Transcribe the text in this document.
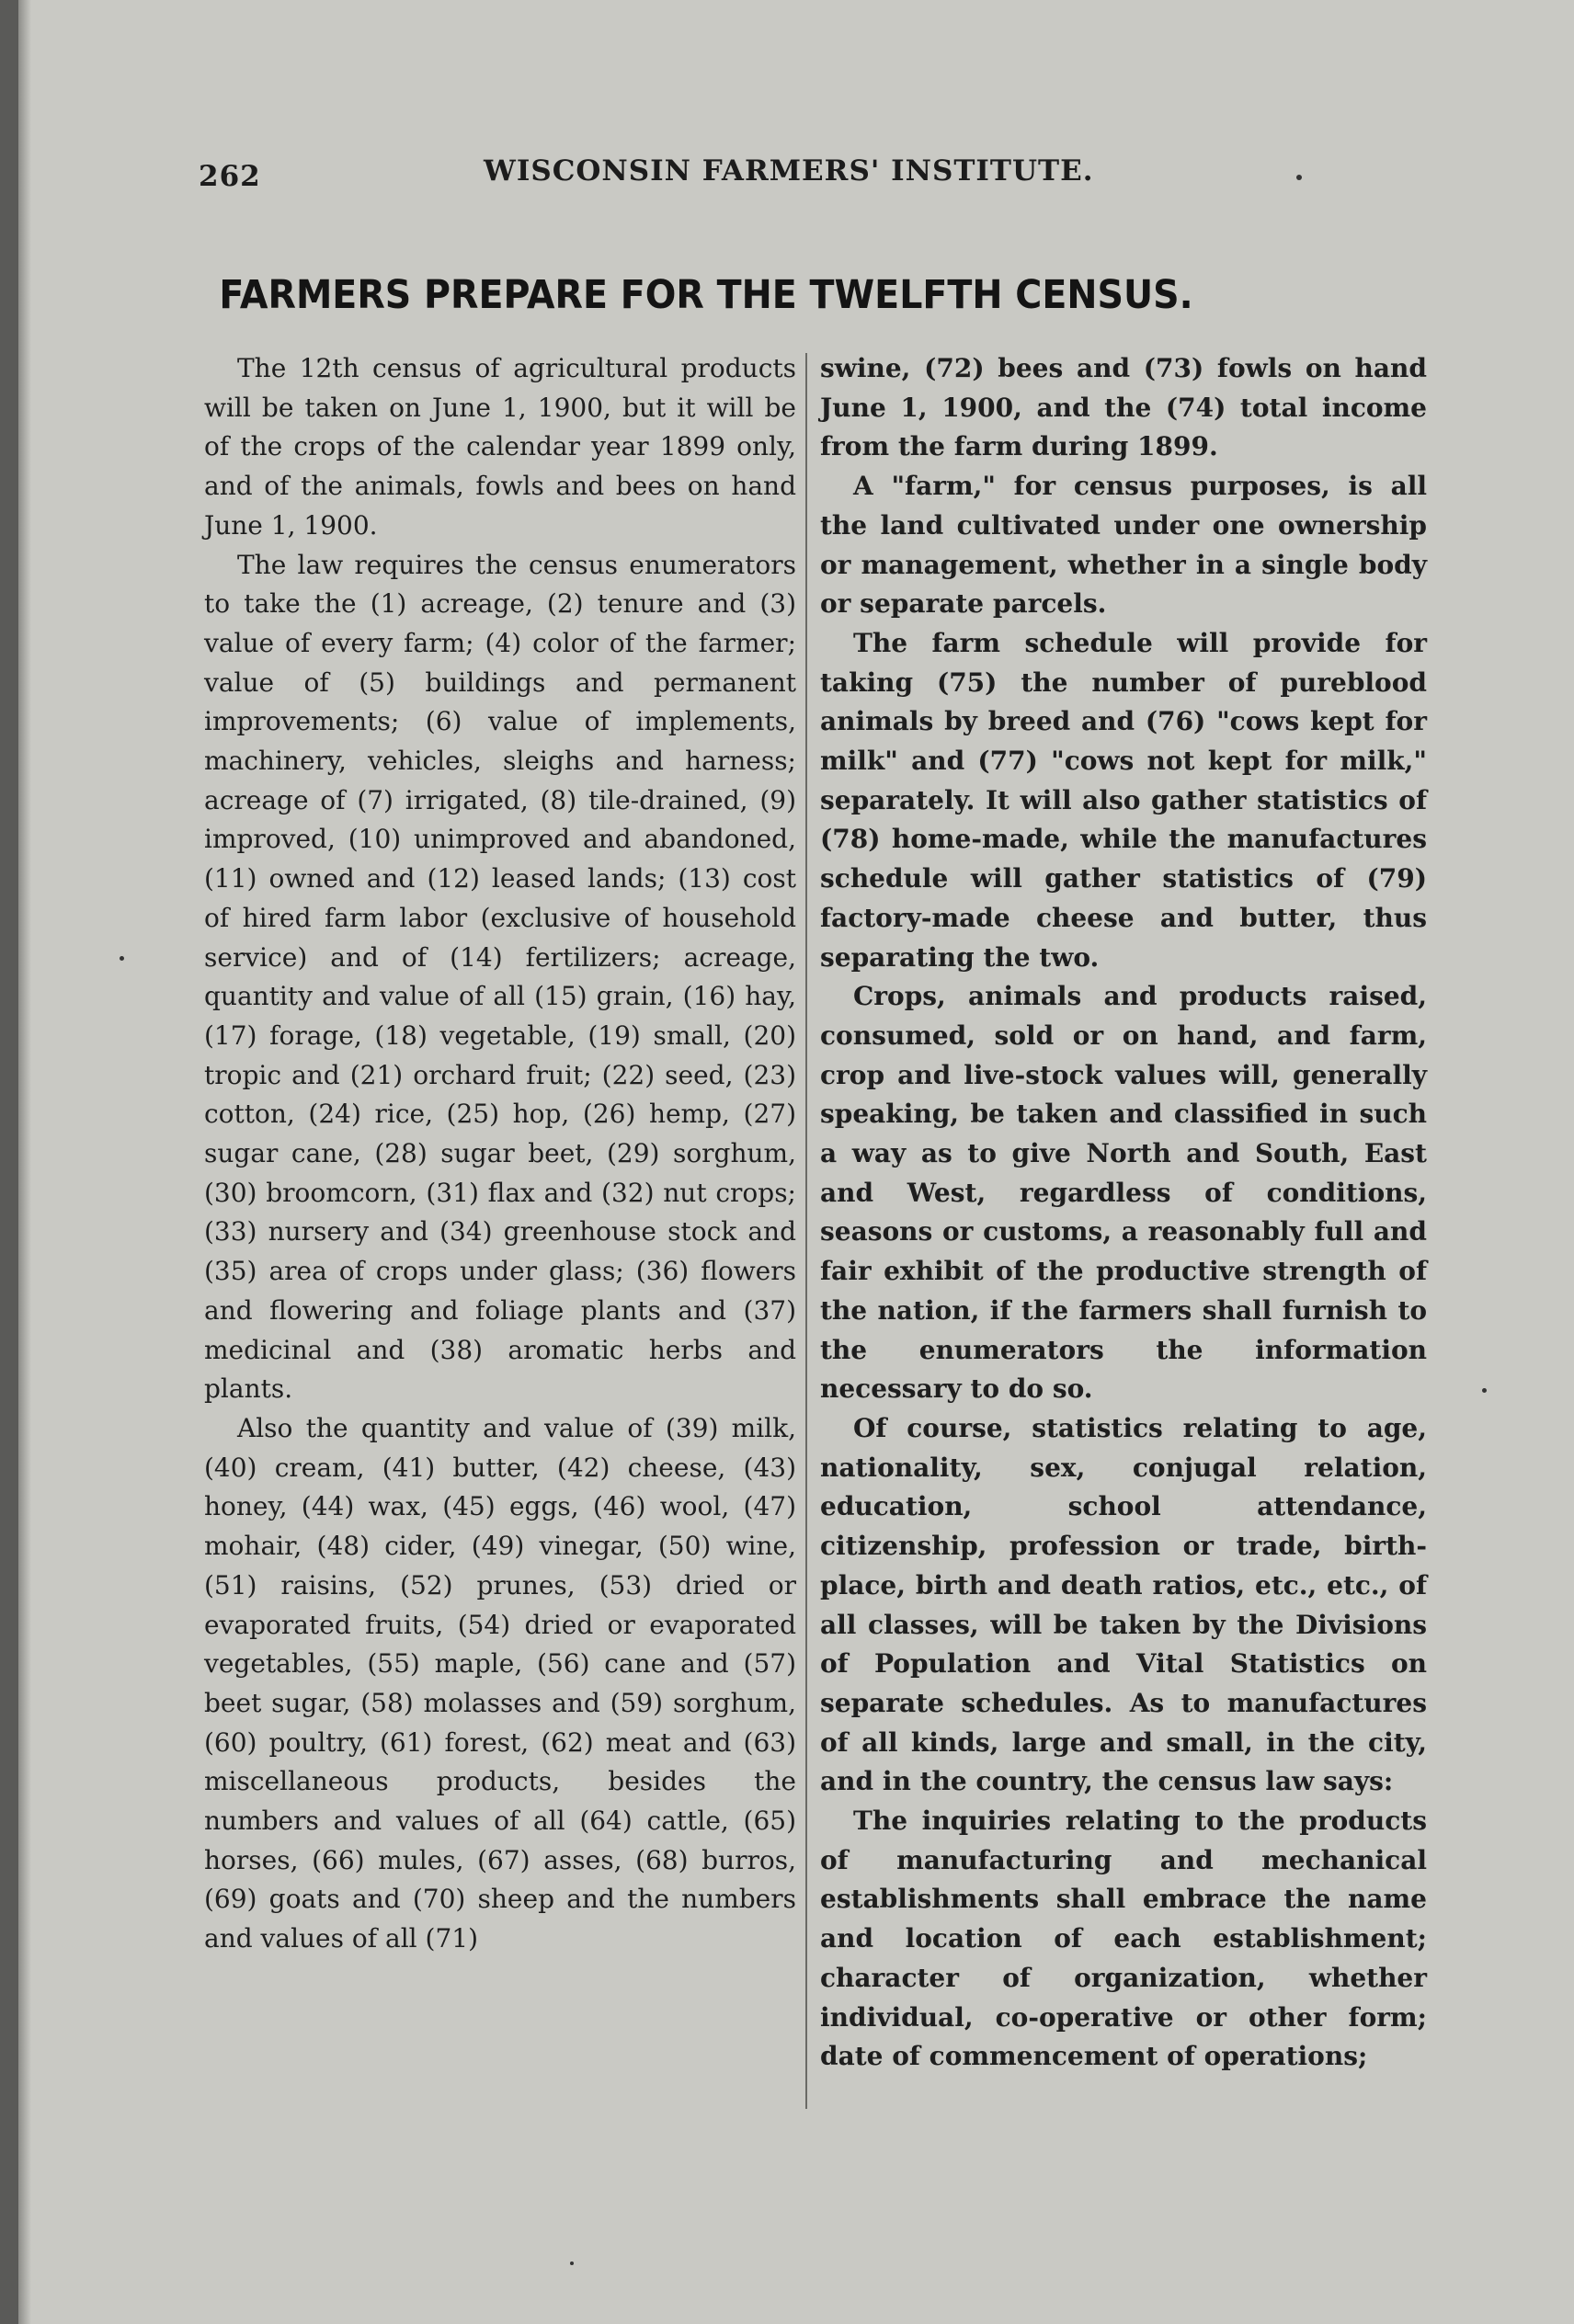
262	WISCONSIN FARMERS' INSTITUTE.
FARMERS PREPARE FOR THE TWELFTH CENSUS.

The 12th census of agricultural products will be taken on June 1, 1900, but it will be of the crops of the calendar year 1899 only, and of the animals, fowls and bees on hand June 1, 1900.

The law requires the census enumerators to take the (1) acreage, (2) tenure and (3) value of every farm; (4) color of the farmer; value of (5) buildings and permanent improvements; (6) value of implements, machinery, vehicles, sleighs and harness; acreage of (7) irrigated, (8) tile-drained, (9) improved, (10) unimproved and abandoned, (11) owned and (12) leased lands; (13) cost of hired farm labor (exclusive of household service) and of (14) fertilizers; acreage, quantity and value of all (15) grain, (16) hay, (17) forage, (18) vegetable, (19) small, (20) tropic and (21) orchard fruit; (22) seed, (23) cotton, (24) rice, (25) hop, (26) hemp, (27) sugar cane, (28) sugar beet, (29) sorghum, (30) broomcorn, (31) flax and (32) nut crops; (33) nursery and (34) greenhouse stock and (35) area of crops under glass; (36) flowers and flowering and foliage plants and (37) medicinal and (38) aromatic herbs and plants.

Also the quantity and value of (39) milk, (40) cream, (41) butter, (42) cheese, (43) honey, (44) wax, (45) eggs, (46) wool, (47) mohair, (48) cider, (49) vinegar, (50) wine, (51) raisins, (52) prunes, (53) dried or evaporated fruits, (54) dried or evaporated vegetables, (55) maple, (56) cane and (57) beet sugar, (58) molasses and (59) sorghum, (60) poultry, (61) forest, (62) meat and (63) miscellaneous products, besides the numbers and values of all (64) cattle, (65) horses, (66) mules, (67) asses, (68) burros, (69) goats and (70) sheep and the numbers and values of all (71)

swine, (72) bees and (73) fowls on hand June 1, 1900, and the (74) total income from the farm during 1899.

A "farm," for census purposes, is all the land cultivated under one ownership or management, whether in a single body or separate parcels.

The farm schedule will provide for taking (75) the number of pureblood animals by breed and (76) "cows kept for milk" and (77) "cows not kept for milk," separately. It will also gather statistics of (78) home-made, while the manufactures schedule will gather statistics of (79) factory-made cheese and butter, thus separating the two.

Crops, animals and products raised, consumed, sold or on hand, and farm, crop and live-stock values will, generally speaking, be taken and classified in such a way as to give North and South, East and West, regardless of conditions, seasons or customs, a reasonably full and fair exhibit of the productive strength of the nation, if the farmers shall furnish to the enumerators the information necessary to do so.

Of course, statistics relating to age, nationality, sex, conjugal relation, education, school attendance, citizenship, profession or trade, birth-place, birth and death ratios, etc., etc., of all classes, will be taken by the Divisions of Population and Vital Statistics on separate schedules. As to manufactures of all kinds, large and small, in the city, and in the country, the census law says:

The inquiries relating to the products of manufacturing and mechanical establishments shall embrace the name and location of each establishment; character of organization, whether individual, co-operative or other form; date of commencement of operations;
